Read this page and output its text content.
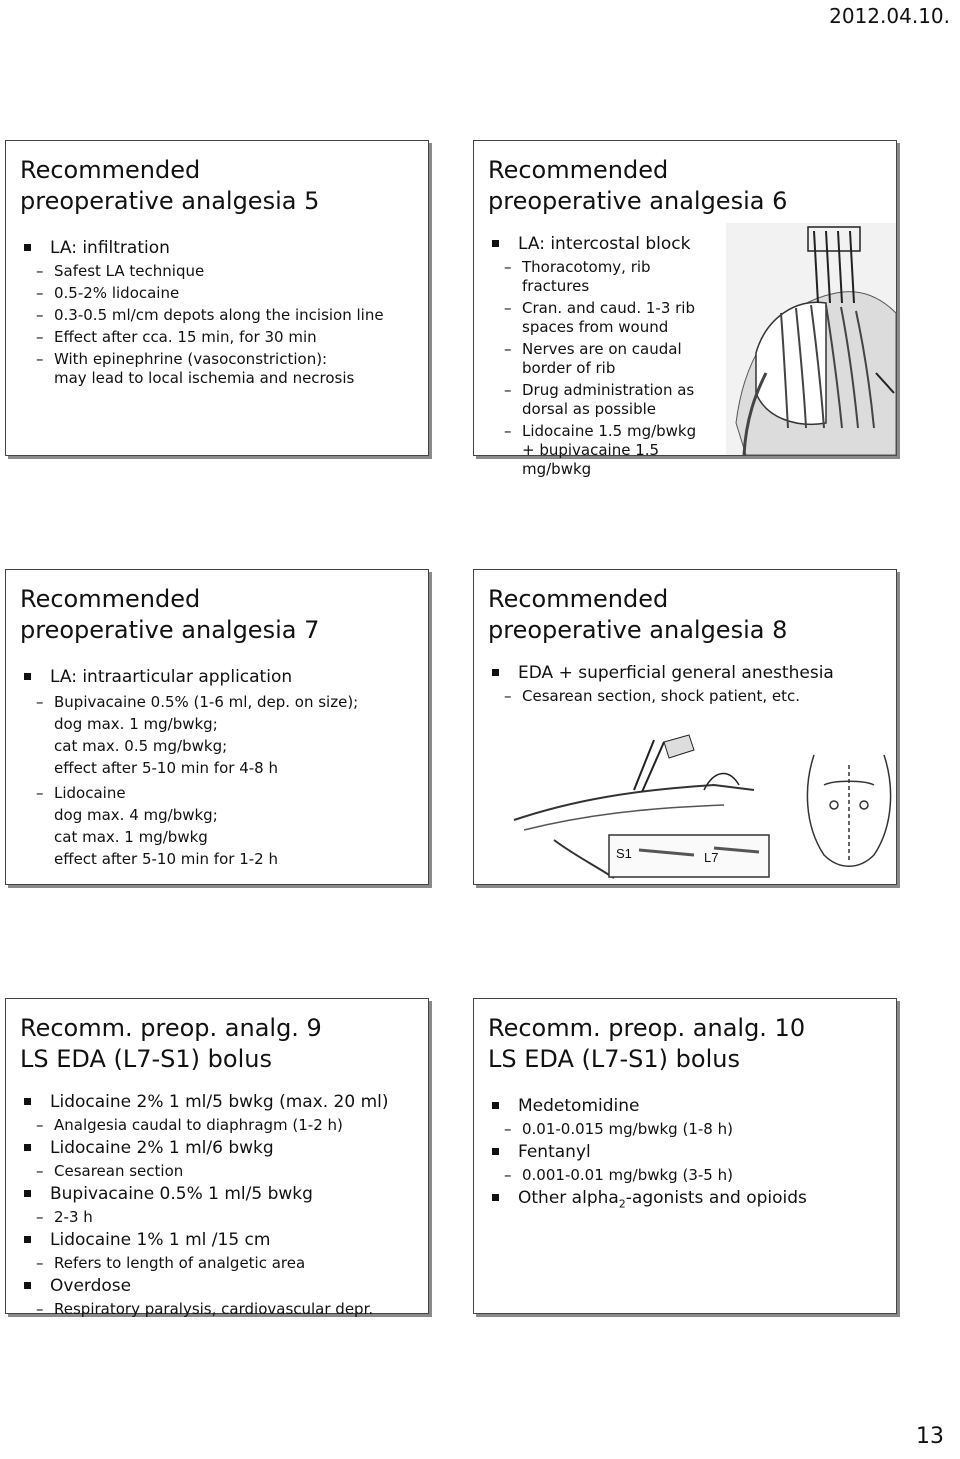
2012.04.10.
Recommended
preoperative analgesia 5
LA: infiltration
– Safest LA technique
– 0.5-2% lidocaine
– 0.3-0.5 ml/cm depots along the incision line
– Effect after cca. 15 min, for 30 min
– With epinephrine (vasoconstriction):
may lead to local ischemia and necrosis
Recommended
preoperative analgesia 6
LA: intercostal block
– Thoracotomy, rib
fractures
– Cran. and caud. 1-3 rib
spaces from wound
– Nerves are on caudal
border of rib
– Drug administration as
dorsal as possible
– Lidocaine 1.5 mg/bwkg
+ bupivacaine 1.5
mg/bwkg
Recommended
preoperative analgesia 7
LA: intraarticular application
– Bupivacaine 0.5% (1-6 ml, dep. on size);
dog max. 1 mg/bwkg;
cat max. 0.5 mg/bwkg;
effect after 5-10 min for 4-8 h
– Lidocaine
dog max. 4 mg/bwkg;
cat max. 1 mg/bwkg
effect after 5-10 min for 1-2 h
Recommended
preoperative analgesia 8
EDA + superficial general anesthesia
– Cesarean section, shock patient, etc.
S1	L7
Recomm. preop. analg. 9
LS EDA (L7-S1) bolus
Lidocaine 2% 1 ml/5 bwkg (max. 20 ml)
– Analgesia caudal to diaphragm (1-2 h)
Lidocaine 2% 1 ml/6 bwkg
– Cesarean section
Bupivacaine 0.5% 1 ml/5 bwkg
– 2-3 h
Lidocaine 1% 1 ml /15 cm
– Refers to length of analgetic area
Overdose
– Respiratory paralysis, cardiovascular depr.
Recomm. preop. analg. 10
LS EDA (L7-S1) bolus
Medetomidine
– 0.01-0.015 mg/bwkg (1-8 h)
Fentanyl
– 0.001-0.01 mg/bwkg (3-5 h)
Other alpha$_2$-agonists and opioids
13
